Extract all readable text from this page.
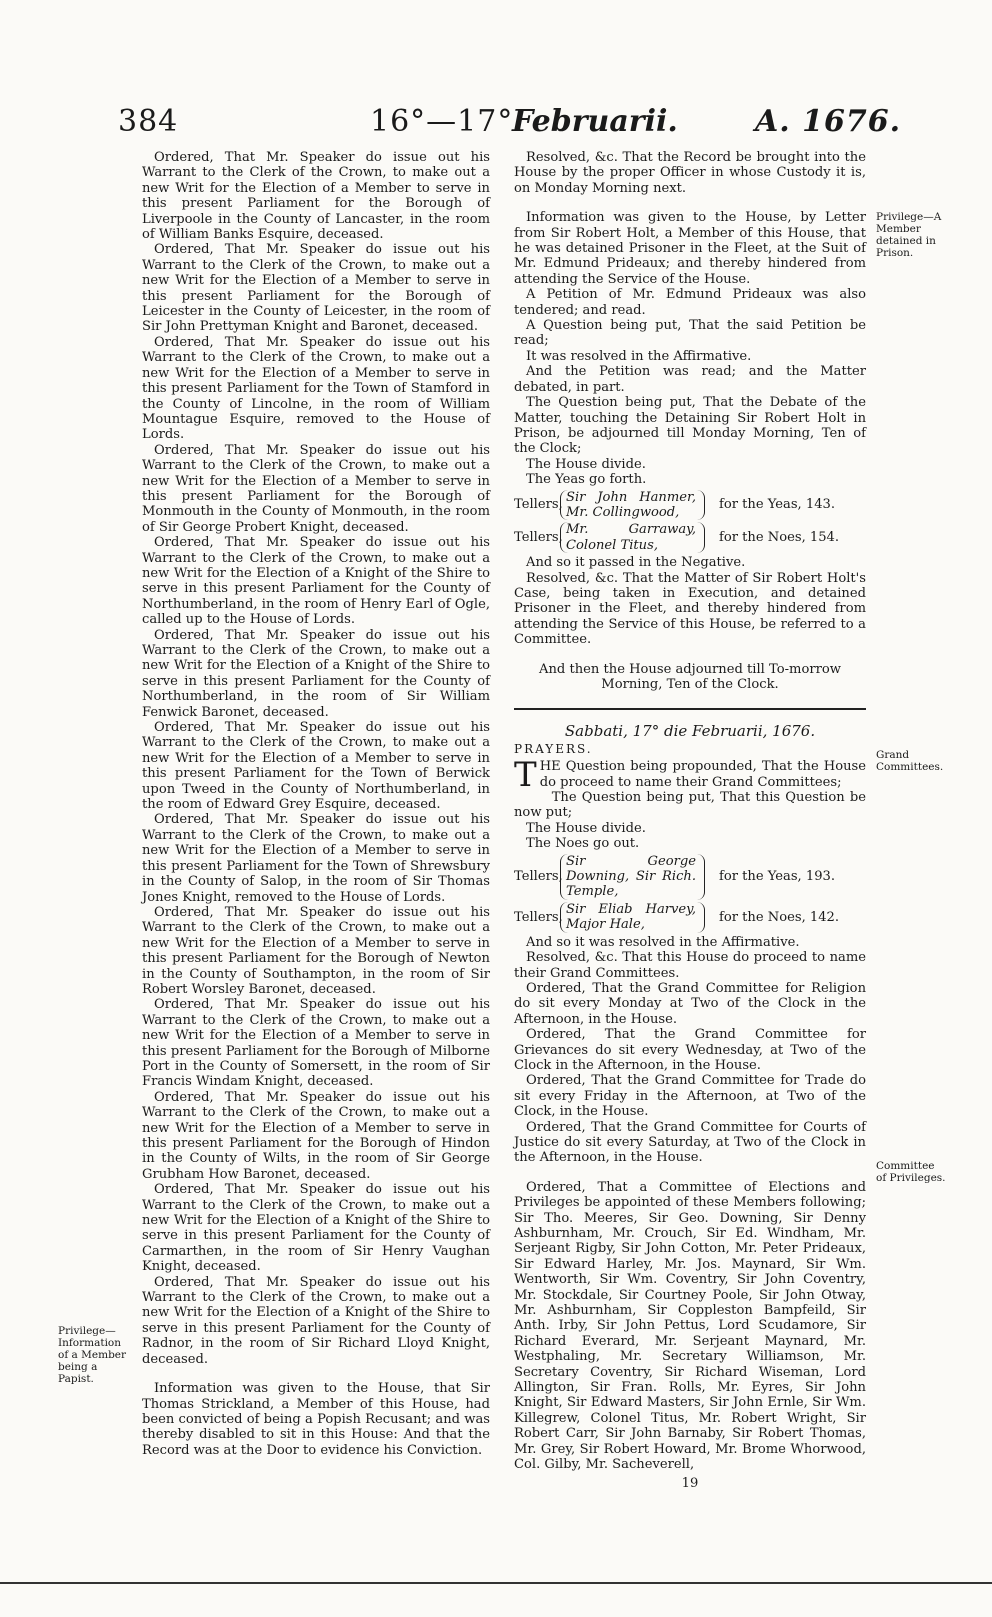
384	16°—17°
Februarii.	A. 1676.

Ordered, That Mr. Speaker do issue out his Warrant to the Clerk of the Crown, to make out a new Writ for the Election of a Member to serve in this present Parliament for the Borough of Liverpoole in the County of Lancaster, in the room of William Banks Esquire, deceased.

Ordered, That Mr. Speaker do issue out his Warrant to the Clerk of the Crown, to make out a new Writ for the Election of a Member to serve in this present Parliament for the Borough of Leicester in the County of Leicester, in the room of Sir John Prettyman Knight and Baronet, deceased.

Ordered, That Mr. Speaker do issue out his Warrant to the Clerk of the Crown, to make out a new Writ for the Election of a Member to serve in this present Parliament for the Town of Stamford in the County of Lincolne, in the room of William Mountague Esquire, removed to the House of Lords.

Ordered, That Mr. Speaker do issue out his Warrant to the Clerk of the Crown, to make out a new Writ for the Election of a Member to serve in this present Parliament for the Borough of Monmouth in the County of Monmouth, in the room of Sir George Probert Knight, deceased.

Ordered, That Mr. Speaker do issue out his Warrant to the Clerk of the Crown, to make out a new Writ for the Election of a Knight of the Shire to serve in this present Parliament for the County of Northumberland, in the room of Henry Earl of Ogle, called up to the House of Lords.

Ordered, That Mr. Speaker do issue out his Warrant to the Clerk of the Crown, to make out a new Writ for the Election of a Knight of the Shire to serve in this present Parliament for the County of Northumberland, in the room of Sir William Fenwick Baronet, deceased.

Ordered, That Mr. Speaker do issue out his Warrant to the Clerk of the Crown, to make out a new Writ for the Election of a Member to serve in this present Parliament for the Town of Berwick upon Tweed in the County of Northumberland, in the room of Edward Grey Esquire, deceased.

Ordered, That Mr. Speaker do issue out his Warrant to the Clerk of the Crown, to make out a new Writ for the Election of a Member to serve in this present Parliament for the Town of Shrewsbury in the County of Salop, in the room of Sir Thomas Jones Knight, removed to the House of Lords.

Ordered, That Mr. Speaker do issue out his Warrant to the Clerk of the Crown, to make out a new Writ for the Election of a Member to serve in this present Parliament for the Borough of Newton in the County of Southampton, in the room of Sir Robert Worsley Baronet, deceased.

Ordered, That Mr. Speaker do issue out his Warrant to the Clerk of the Crown, to make out a new Writ for the Election of a Member to serve in this present Parliament for the Borough of Milborne Port in the County of Somersett, in the room of Sir Francis Windam Knight, deceased.

Ordered, That Mr. Speaker do issue out his Warrant to the Clerk of the Crown, to make out a new Writ for the Election of a Member to serve in this present Parliament for the Borough of Hindon in the County of Wilts, in the room of Sir George Grubham How Baronet, deceased.

Ordered, That Mr. Speaker do issue out his Warrant to the Clerk of the Crown, to make out a new Writ for the Election of a Knight of the Shire to serve in this present Parliament for the County of Carmarthen, in the room of Sir Henry Vaughan Knight, deceased.

Ordered, That Mr. Speaker do issue out his Warrant to the Clerk of the Crown, to make out a new Writ for the Election of a Knight of the Shire to serve in this present Parliament for the County of Radnor, in the room of Sir Richard Lloyd Knight, deceased.

Information was given to the House, that Sir Thomas Strickland, a Member of this House, had been convicted of being a Popish Recusant; and was thereby disabled to sit in this House: And that the Record was at the Door to evidence his Conviction.

Privilege—Information of a Member being a Papist.
Privilege—A Member detained in Prison.
Grand Committees.
Committee of Privileges.

Resolved, &c. That the Record be brought into the House by the proper Officer in whose Custody it is, on Monday Morning next.

Information was given to the House, by Letter from Sir Robert Holt, a Member of this House, that he was detained Prisoner in the Fleet, at the Suit of Mr. Edmund Prideaux; and thereby hindered from attending the Service of the House.

A Petition of Mr. Edmund Prideaux was also tendered; and read.

A Question being put, That the said Petition be read;

It was resolved in the Affirmative.

And the Petition was read; and the Matter debated, in part.

The Question being put, That the Debate of the Matter, touching the Detaining Sir Robert Holt in Prison, be adjourned till Monday Morning, Ten of the Clock;

The House divide.

The Yeas go forth.

Tellers,
Sir John Hanmer, Mr. Collingwood,
for the Yeas, 143.
Tellers,
Mr. Garraway, Colonel Titus,
for the Noes, 154.

And so it passed in the Negative.

Resolved, &c. That the Matter of Sir Robert Holt's Case, being taken in Execution, and detained Prisoner in the Fleet, and thereby hindered from attending the Service of this House, be referred to a Committee.

And then the House adjourned till To-morrow Morning, Ten of the Clock.

Sabbati, 17° die Februarii, 1676.
PRAYERS.

THE Question being propounded, That the House do proceed to name their Grand Committees;

The Question being put, That this Question be now put;

The House divide.

The Noes go out.

Tellers,
Sir George Downing, Sir Rich. Temple,
for the Yeas, 193.
Tellers,
Sir Eliab Harvey, Major Hale,
for the Noes, 142.

And so it was resolved in the Affirmative.

Resolved, &c. That this House do proceed to name their Grand Committees.

Ordered, That the Grand Committee for Religion do sit every Monday at Two of the Clock in the Afternoon, in the House.

Ordered, That the Grand Committee for Grievances do sit every Wednesday, at Two of the Clock in the Afternoon, in the House.

Ordered, That the Grand Committee for Trade do sit every Friday in the Afternoon, at Two of the Clock, in the House.

Ordered, That the Grand Committee for Courts of Justice do sit every Saturday, at Two of the Clock in the Afternoon, in the House.

Ordered, That a Committee of Elections and Privileges be appointed of these Members following; Sir Tho. Meeres, Sir Geo. Downing, Sir Denny Ashburnham, Mr. Crouch, Sir Ed. Windham, Mr. Serjeant Rigby, Sir John Cotton, Mr. Peter Prideaux, Sir Edward Harley, Mr. Jos. Maynard, Sir Wm. Wentworth, Sir Wm. Coventry, Sir John Coventry, Mr. Stockdale, Sir Courtney Poole, Sir John Otway, Mr. Ashburnham, Sir Coppleston Bampfeild, Sir Anth. Irby, Sir John Pettus, Lord Scudamore, Sir Richard Everard, Mr. Serjeant Maynard, Mr. Westphaling, Mr. Secretary Williamson, Mr. Secretary Coventry, Sir Richard Wiseman, Lord Allington, Sir Fran. Rolls, Mr. Eyres, Sir John Knight, Sir Edward Masters, Sir John Ernle, Sir Wm. Killegrew, Colonel Titus, Mr. Robert Wright, Sir Robert Carr, Sir John Barnaby, Sir Robert Thomas, Mr. Grey, Sir Robert Howard, Mr. Brome Whorwood, Col. Gilby, Mr. Sacheverell,

19
